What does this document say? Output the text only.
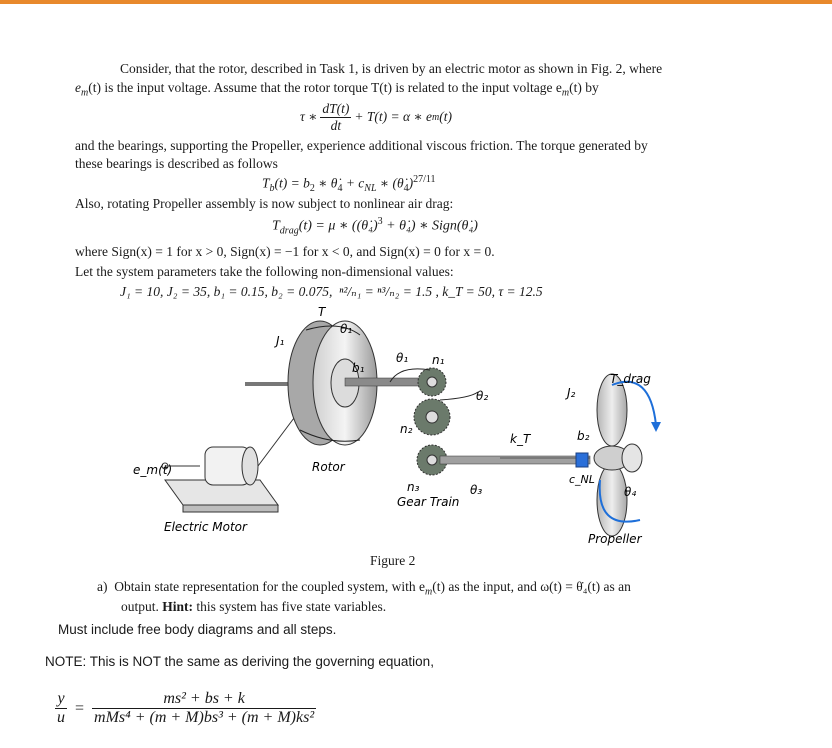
Consider, that the rotor, described in Task 1, is driven by an electric motor as shown in Fig. 2, where
$e_m(t)$ is the input voltage. Assume that the rotor torque T(t) is related to the input voltage $e_m(t)$ by
τ ∗ $\frac{dT(t)}{dt} + T(t) = \alpha$ ∗ e m (t)
and the bearings, supporting the Propeller, experience additional viscous friction. The torque generated by
these bearings is described as follows
$T_b(t) = b_2$ ∗ $\thetȧ_4 + c_{NL}$ ∗ $(\thetȧ_4)^{27/11}$
Also, rotating Propeller assembly is now subject to nonlinear air drag:
$T_{drag}(t) = \mu$ ∗ ((θ̇₄)$^3$ + θ̇₄) ∗ Sign(θ̇₄)
where Sign(x) = 1 for x > 0, Sign(x) = −1 for x < 0, and Sign(x) = 0 for x = 0.
Let the system parameters take the following non-dimensional values:
J₁ = 10, J₂ = 35, b₁ = 0.15, b₂ = 0.075, ⁿ²/ₙ₁ = ⁿ³/ₙ₂ = 1.5 , k_T = 50, τ = 12.5
T
θ₁
J₁
b₁
θ₁ n₁
θ₂
n₂
k_T
J₂
T_drag
b₂
c_NL
θ₄
e_m(t)	Rotor
n₃	θ₃
Gear Train
Electric Motor
Propeller
Figure 2
a) Obtain state representation for the coupled system, with $e_m(t)$ as the input, and ω(t) = θ̇₄(t) as an
output. Hint: this system has five state variables.
Must include free body diagrams and all steps.
NOTE: This is NOT the same as deriving the governing equation,
$\frac{y}{u} = \frac{\text{ms² + bs + k}}{\text{mMs⁴ + (m + M)bs³ + (m + M)ks²}}$
